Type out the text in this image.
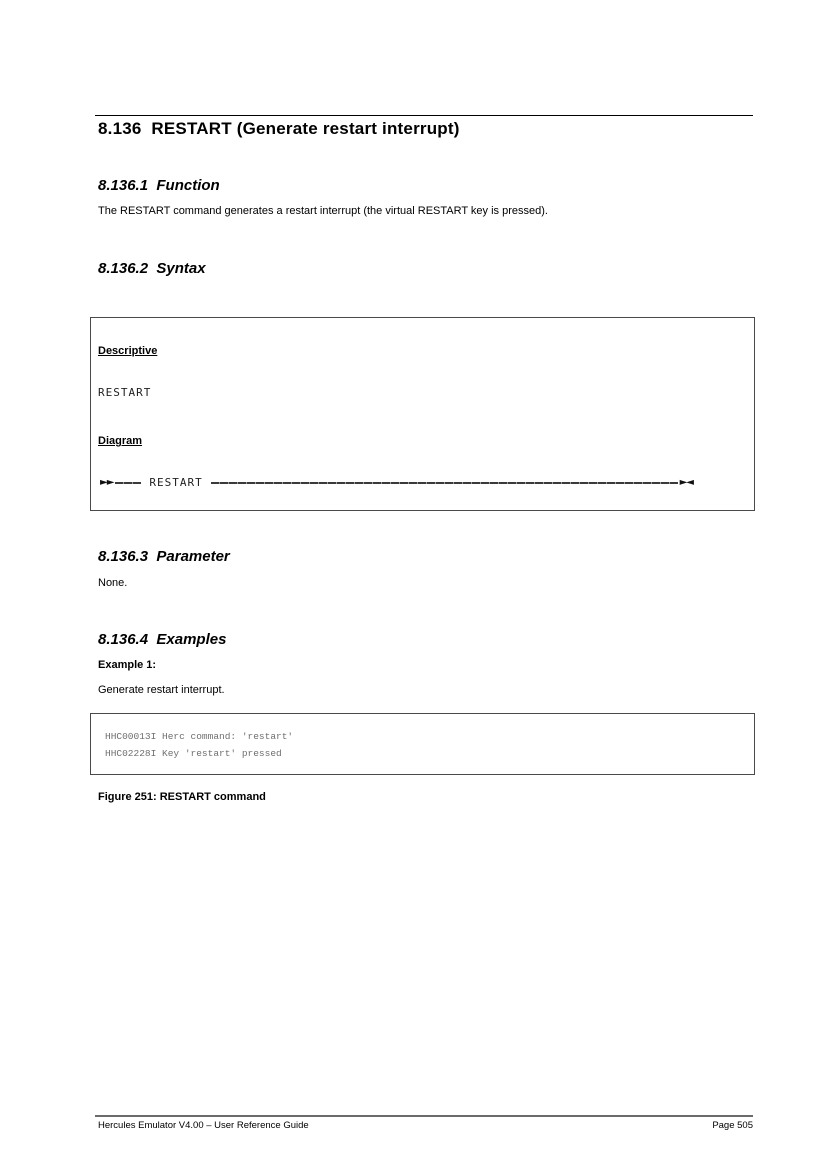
8.136  RESTART (Generate restart interrupt)
8.136.1  Function

The RESTART command generates a restart interrupt (the virtual RESTART key is pressed).

8.136.2  Syntax
Descriptive
RESTART
Diagram
►►	RESTART	►◄
8.136.3  Parameter

None.

8.136.4  Examples

Example 1:

Generate restart interrupt.

HHC00013I Herc command: 'restart'
HHC02228I Key 'restart' pressed

Figure 251: RESTART command

Hercules Emulator V4.00 – User Reference Guide	Page 505
